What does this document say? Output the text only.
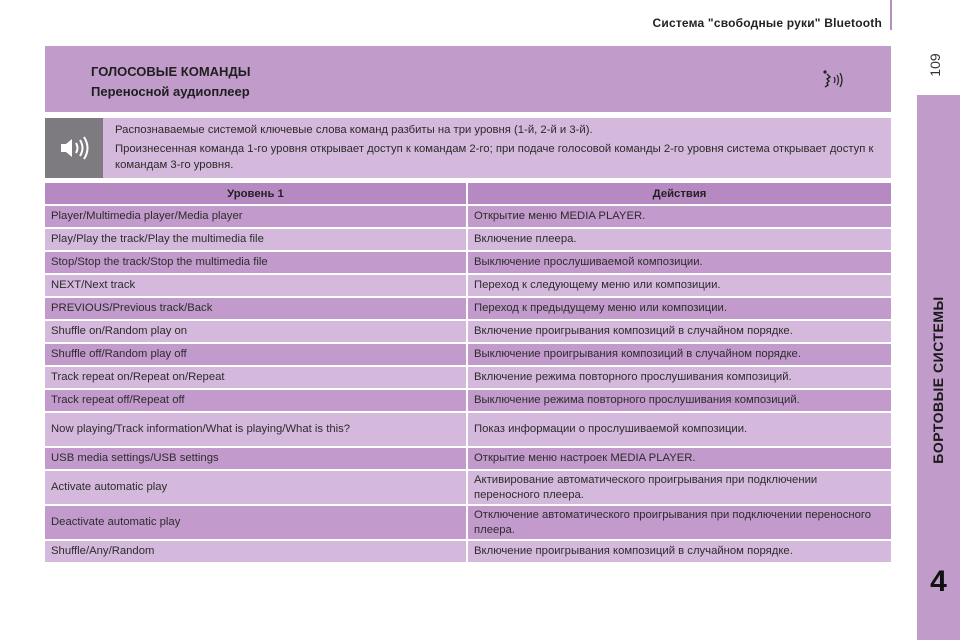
Система "свободные руки" Bluetooth
109
БОРТОВЫЕ СИСТЕМЫ
4
ГОЛОСОВЫЕ КОМАНДЫ
Переносной аудиоплеер

Распознаваемые системой ключевые слова команд разбиты на три уровня (1-й, 2-й и 3-й).

Произнесенная команда 1-го уровня открывает доступ к командам 2-го; при подаче голосовой команды 2-го уровня система открывает доступ к командам 3-го уровня.

Уровень 1	Действия
Player/Multimedia player/Media player	Открытие меню MEDIA PLAYER.
Play/Play the track/Play the multimedia file	Включение плеера.
Stop/Stop the track/Stop the multimedia file	Выключение прослушиваемой композиции.
NEXT/Next track	Переход к следующему меню или композиции.
PREVIOUS/Previous track/Back	Переход к предыдущему меню или композиции.
Shuffle on/Random play on	Включение проигрывания композиций в случайном порядке.
Shuffle off/Random play off	Выключение проигрывания композиций в случайном порядке.
Track repeat on/Repeat on/Repeat	Включение режима повторного прослушивания композиций.
Track repeat off/Repeat off	Выключение режима повторного прослушивания композиций.
Now playing/Track information/What is playing/What is this?	Показ информации о прослушиваемой композиции.
USB media settings/USB settings	Открытие меню настроек MEDIA PLAYER.
Activate automatic play	Активирование автоматического проигрывания при подключении переносного плеера.
Deactivate automatic play	Отключение автоматического проигрывания при подключении переносного плеера.
Shuffle/Any/Random	Включение проигрывания композиций в случайном порядке.
